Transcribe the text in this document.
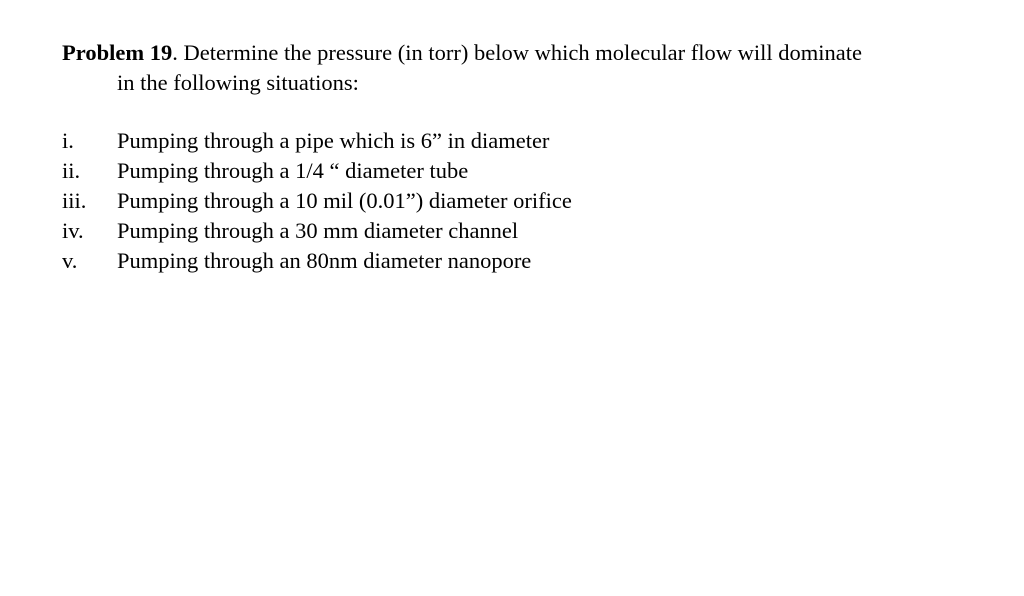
Problem 19. Determine the pressure (in torr) below which molecular flow will dominate
in the following situations:
i.	Pumping through a pipe which is 6” in diameter
ii.	Pumping through a 1/4 “ diameter tube
iii.	Pumping through a 10 mil (0.01”) diameter orifice
iv.	Pumping through a 30 mm diameter channel
v.	Pumping through an 80nm diameter nanopore
